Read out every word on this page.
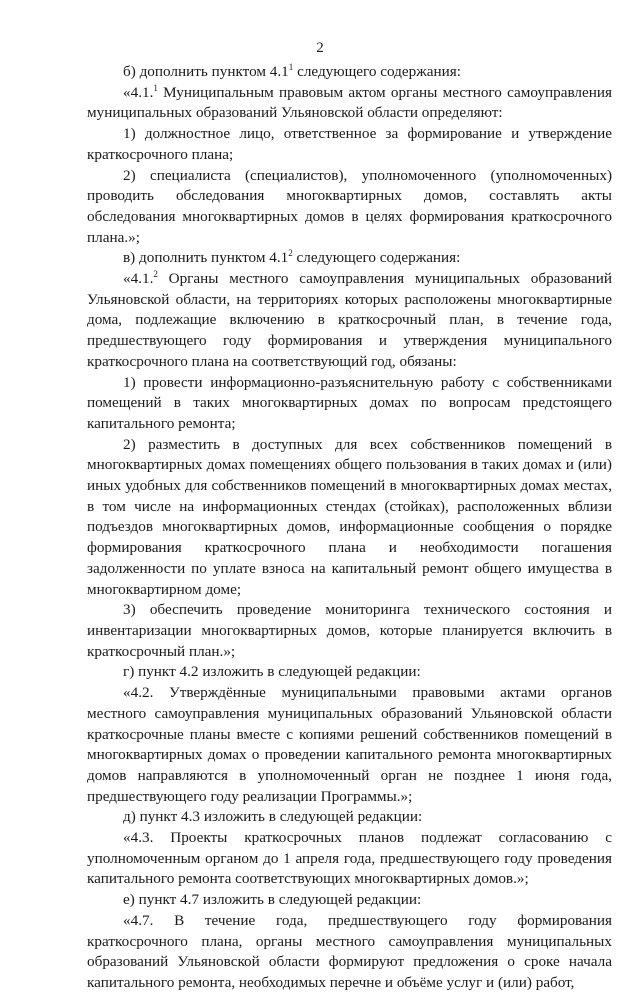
2

б) дополнить пунктом $4.1^1$ следующего содержания:

«4.1.$^1$ Муниципальным правовым актом органы местного самоуправления муниципальных образований Ульяновской области определяют:

1) должностное лицо, ответственное за формирование и утверждение краткосрочного плана;

2) специалиста (специалистов), уполномоченного (уполномоченных) проводить обследования многоквартирных домов, составлять акты обследования многоквартирных домов в целях формирования краткосрочного плана.»;

в) дополнить пунктом $4.1^2$ следующего содержания:

«4.1.$^2$ Органы местного самоуправления муниципальных образований Ульяновской области, на территориях которых расположены многоквартирные дома, подлежащие включению в краткосрочный план, в течение года, предшествующего году формирования и утверждения муниципального краткосрочного плана на соответствующий год, обязаны:

1) провести информационно-разъяснительную работу с собственниками помещений в таких многоквартирных домах по вопросам предстоящего капитального ремонта;

2) разместить в доступных для всех собственников помещений в многоквартирных домах помещениях общего пользования в таких домах и (или) иных удобных для собственников помещений в многоквартирных домах местах, в том числе на информационных стендах (стойках), расположенных вблизи подъездов многоквартирных домов, информационные сообщения о порядке формирования краткосрочного плана и необходимости погашения задолженности по уплате взноса на капитальный ремонт общего имущества в многоквартирном доме;

3) обеспечить проведение мониторинга технического состояния и инвентаризации многоквартирных домов, которые планируется включить в краткосрочный план.»;

г) пункт 4.2 изложить в следующей редакции:

«4.2. Утверждённые муниципальными правовыми актами органов местного самоуправления муниципальных образований Ульяновской области краткосрочные планы вместе с копиями решений собственников помещений в многоквартирных домах о проведении капитального ремонта многоквартирных домов направляются в уполномоченный орган не позднее 1 июня года, предшествующего году реализации Программы.»;

д) пункт 4.3 изложить в следующей редакции:

«4.3. Проекты краткосрочных планов подлежат согласованию с уполномоченным органом до 1 апреля года, предшествующего году проведения капитального ремонта соответствующих многоквартирных домов.»;

е) пункт 4.7 изложить в следующей редакции:

«4.7. В течение года, предшествующего году формирования краткосрочного плана, органы местного самоуправления муниципальных образований Ульяновской области формируют предложения о сроке начала капитального ремонта, необходимых перечне и объёме услуг и (или) работ,
